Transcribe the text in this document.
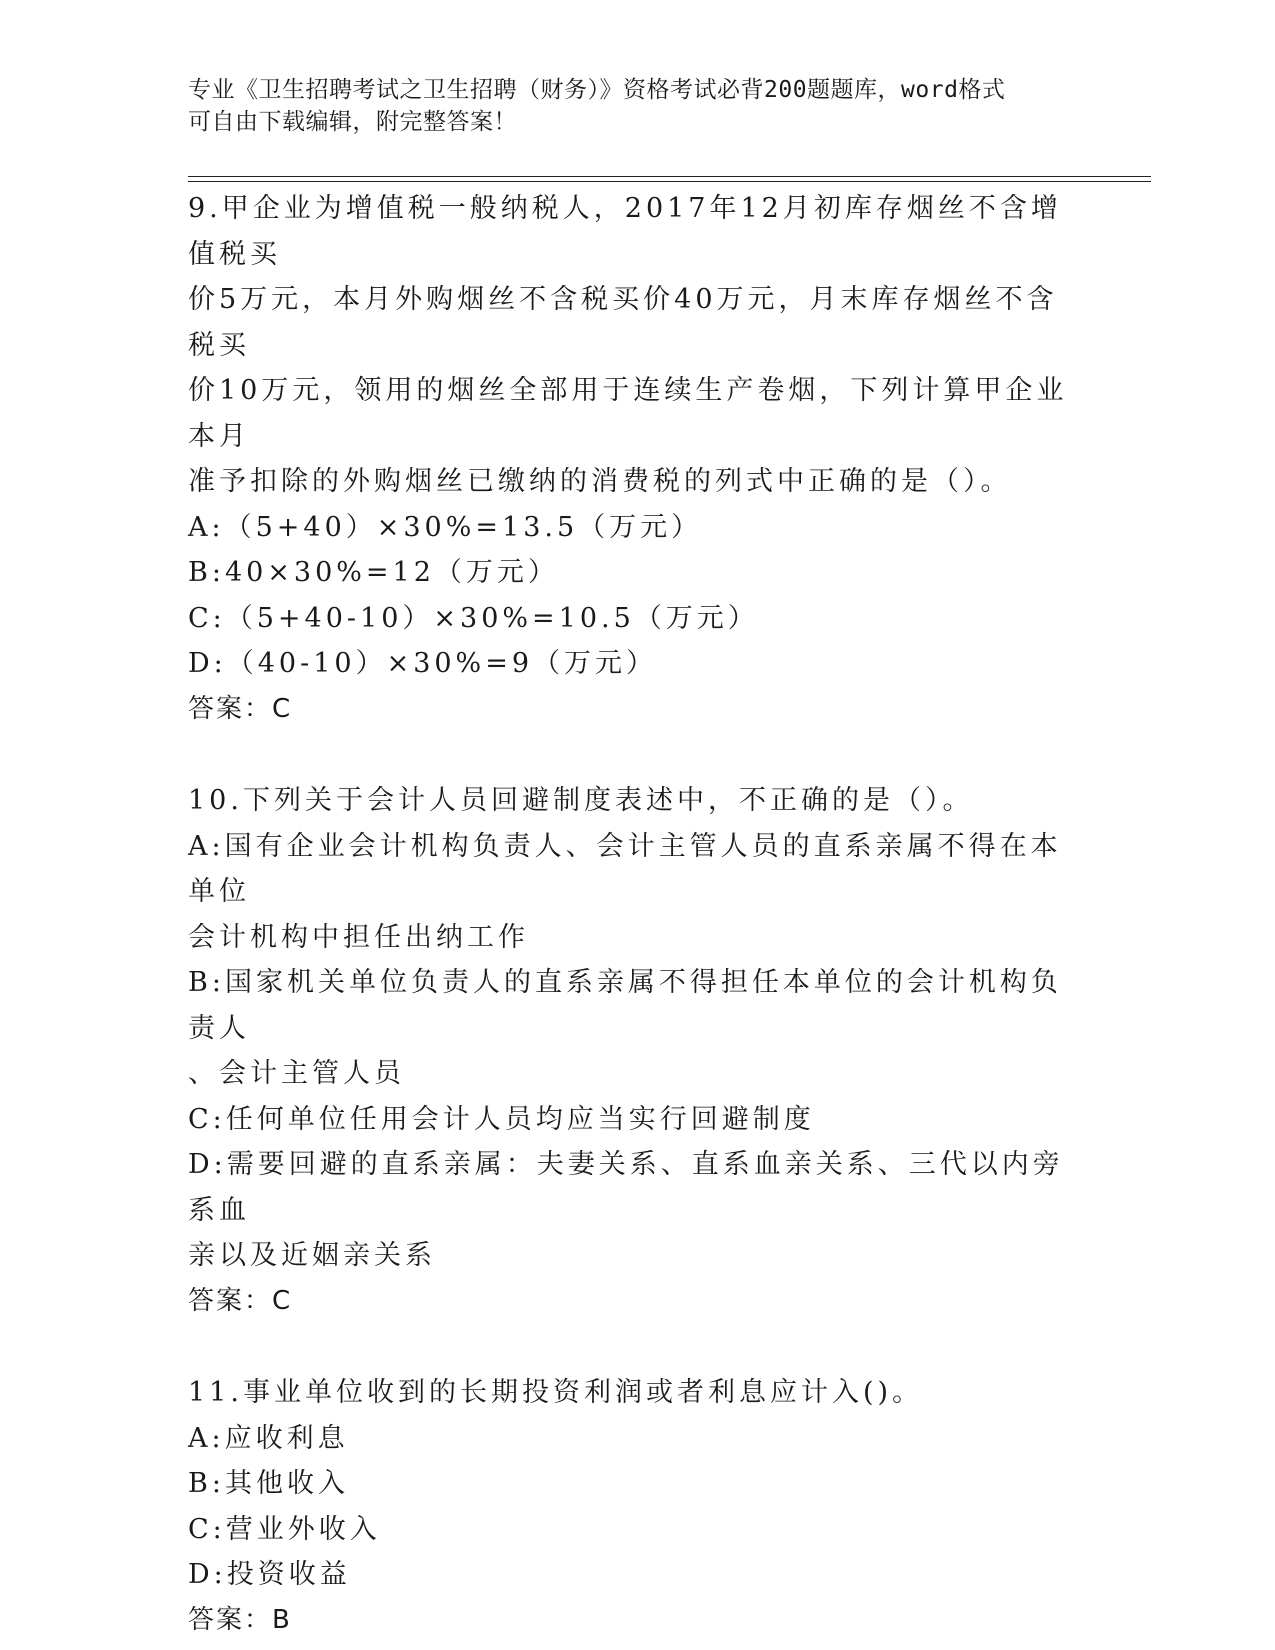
专业《卫生招聘考试之卫生招聘（财务）》资格考试必背200题题库，word格式
可自由下载编辑，附完整答案！
9.甲企业为增值税一般纳税人，2017年12月初库存烟丝不含增值税买
价5万元，本月外购烟丝不含税买价40万元，月末库存烟丝不含税买
价10万元，领用的烟丝全部用于连续生产卷烟，下列计算甲企业本月
准予扣除的外购烟丝已缴纳的消费税的列式中正确的是（）。
A:（5+40）×30%=13.5（万元）
B:40×30%=12（万元）
C:（5+40-10）×30%=10.5（万元）
D:（40-10）×30%=9（万元）
答案：C
10.下列关于会计人员回避制度表述中，不正确的是（）。
A:国有企业会计机构负责人、会计主管人员的直系亲属不得在本单位
会计机构中担任出纳工作
B:国家机关单位负责人的直系亲属不得担任本单位的会计机构负责人
、会计主管人员
C:任何单位任用会计人员均应当实行回避制度
D:需要回避的直系亲属：夫妻关系、直系血亲关系、三代以内旁系血
亲以及近姻亲关系
答案：C
11.事业单位收到的长期投资利润或者利息应计入()。
A:应收利息
B:其他收入
C:营业外收入
D:投资收益
答案：B
